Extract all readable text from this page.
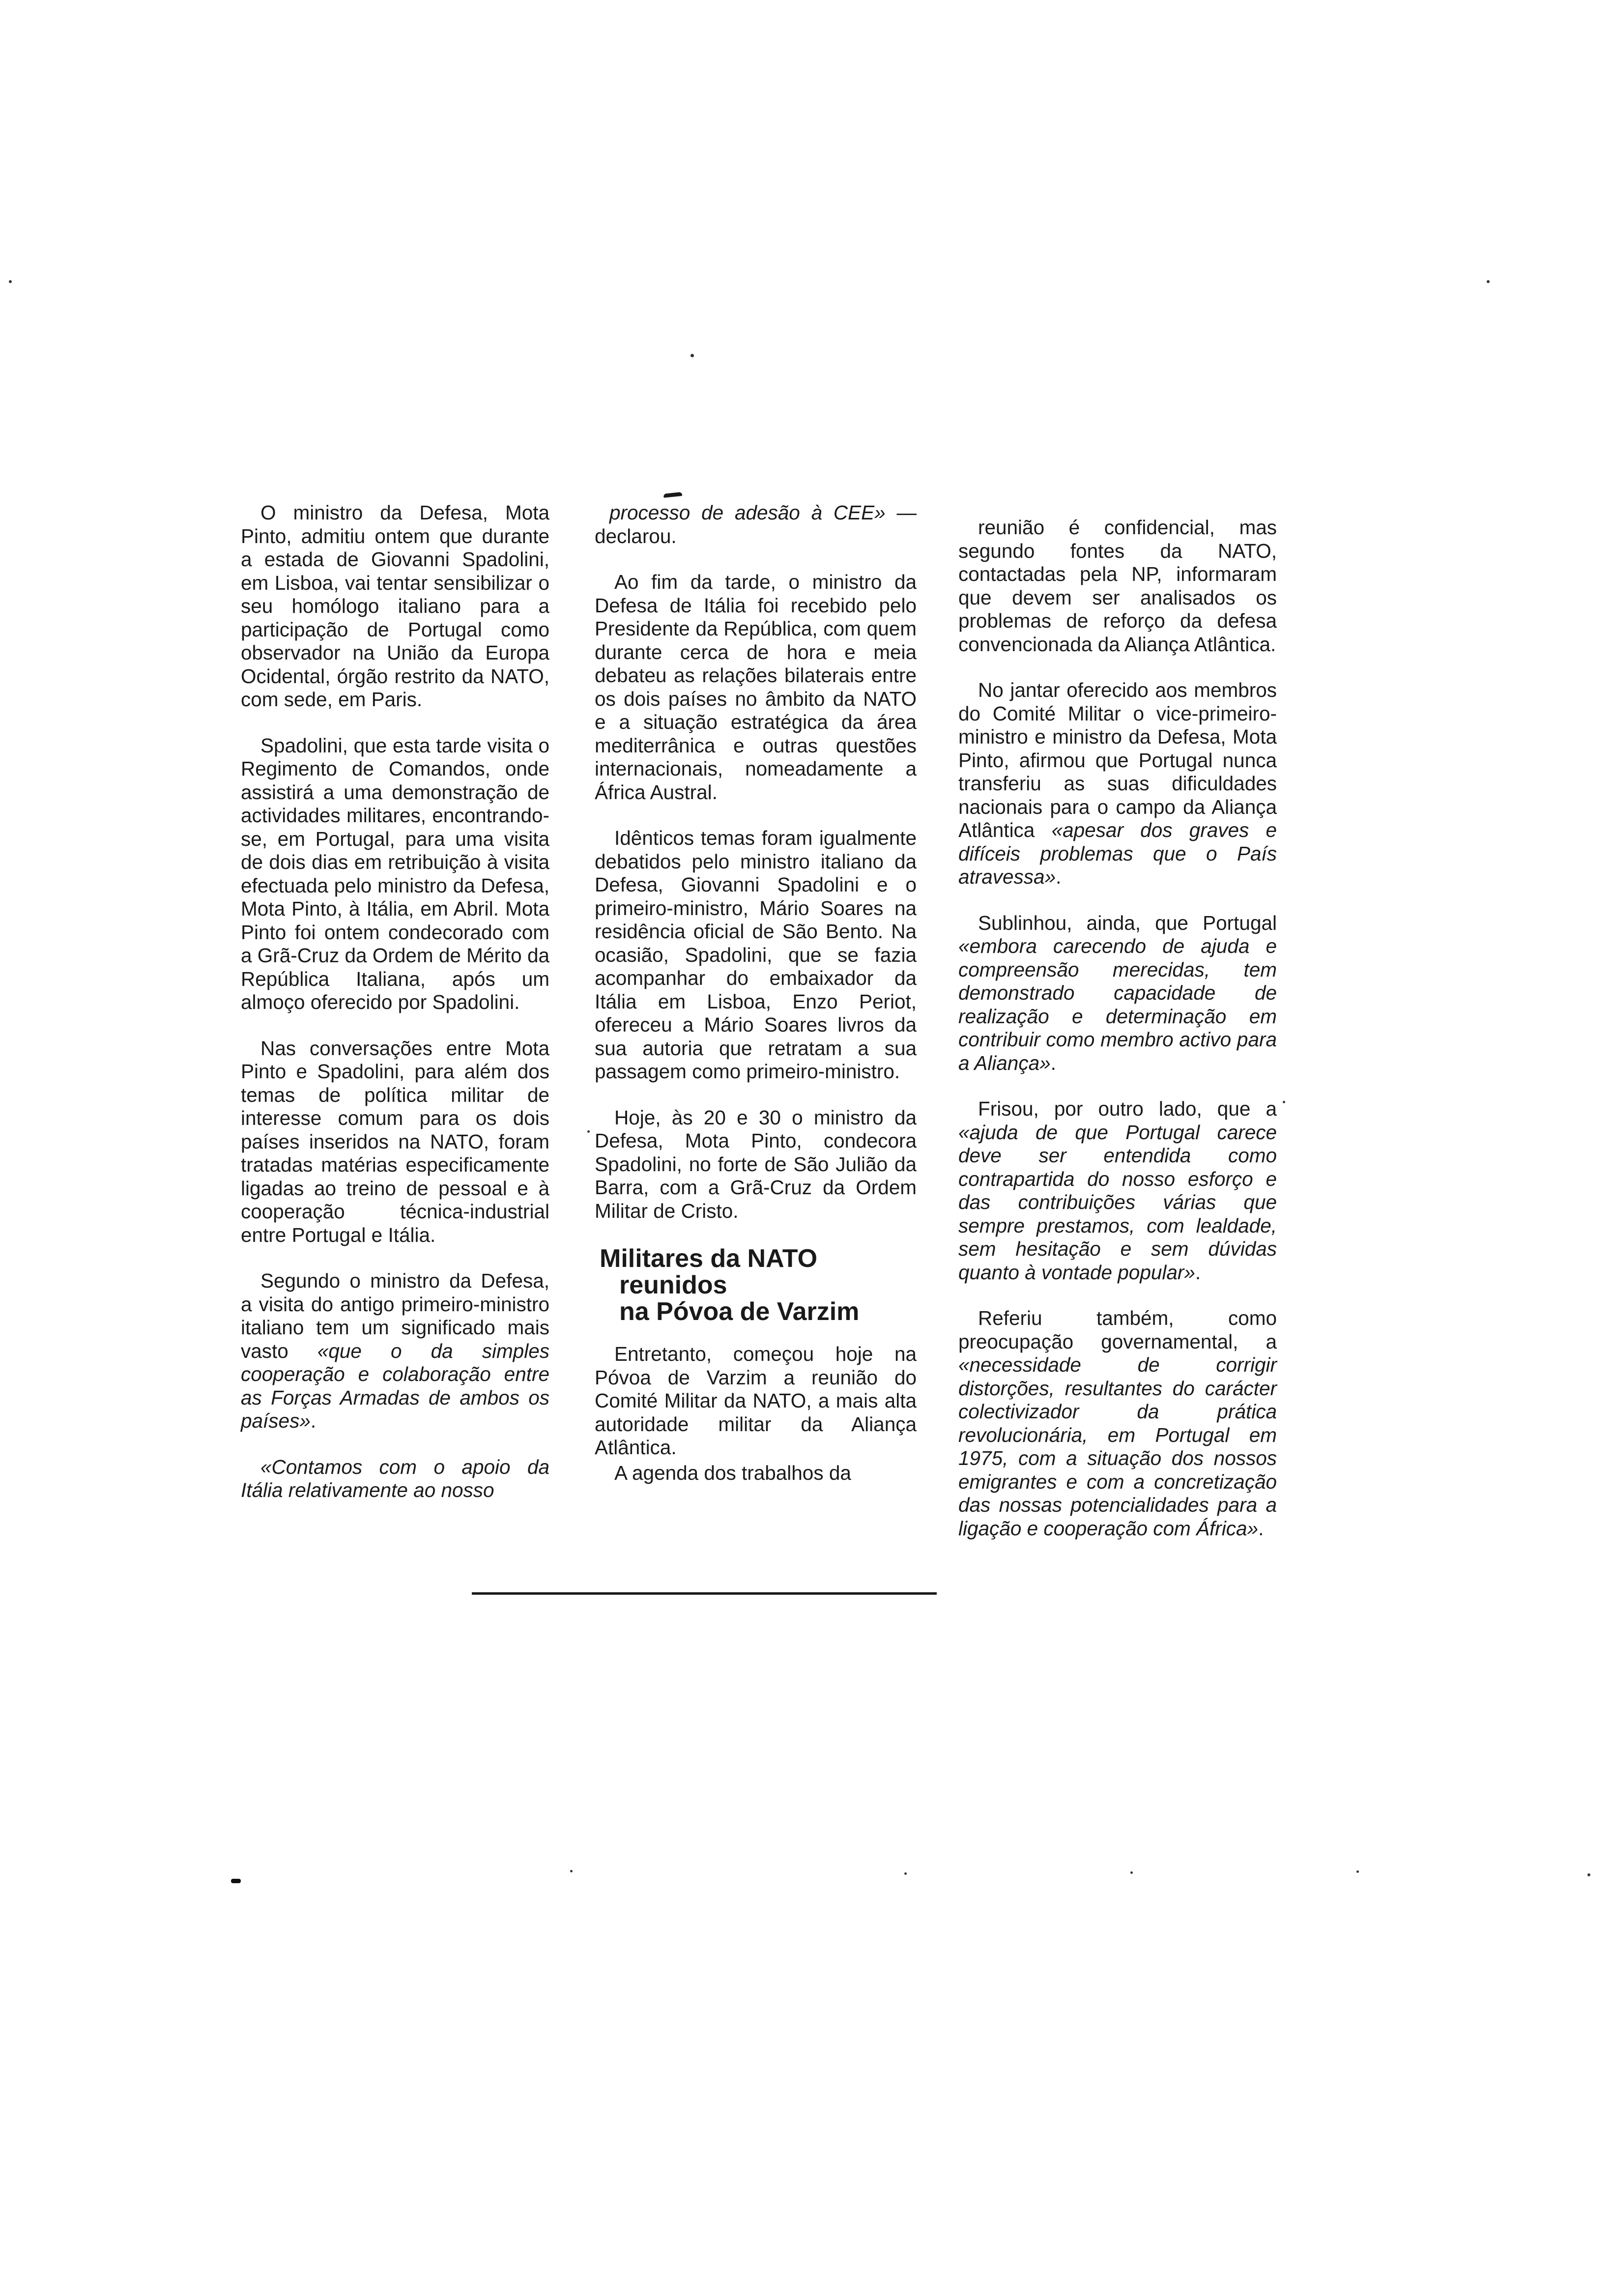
O ministro da Defesa, Mota Pinto, admitiu ontem que durante a estada de Giovanni Spadolini, em Lisboa, vai tentar sensibilizar o seu homólogo italiano para a participação de Portugal como observador na União da Europa Ocidental, órgão restrito da NATO, com sede, em Paris.

Spadolini, que esta tarde visita o Regimento de Comandos, onde assistirá a uma demonstração de actividades militares, encontrando-se, em Portugal, para uma visita de dois dias em retribuição à visita efectuada pelo ministro da Defesa, Mota Pinto, à Itália, em Abril. Mota Pinto foi ontem condecorado com a Grã-Cruz da Ordem de Mérito da República Italiana, após um almoço oferecido por Spadolini.

Nas conversações entre Mota Pinto e Spadolini, para além dos temas de política militar de interesse comum para os dois países inseridos na NATO, foram tratadas matérias especificamente ligadas ao treino de pessoal e à cooperação técnica-industrial entre Portugal e Itália.

Segundo o ministro da Defesa, a visita do antigo primeiro-ministro italiano tem um significado mais vasto «que o da simples cooperação e colaboração entre as Forças Armadas de ambos os países».

«Contamos com o apoio da Itália relativamente ao nosso

processo de adesão à CEE» — declarou.

Ao fim da tarde, o ministro da Defesa de Itália foi recebido pelo Presidente da República, com quem durante cerca de hora e meia debateu as relações bilaterais entre os dois países no âmbito da NATO e a situação estratégica da área mediterrânica e outras questões internacionais, nomeadamente a África Austral.

Idênticos temas foram igualmente debatidos pelo ministro italiano da Defesa, Giovanni Spadolini e o primeiro-ministro, Mário Soares na residência oficial de São Bento. Na ocasião, Spadolini, que se fazia acompanhar do embaixador da Itália em Lisboa, Enzo Periot, ofereceu a Mário Soares livros da sua autoria que retratam a sua passagem como primeiro-ministro.

Hoje, às 20 e 30 o ministro da Defesa, Mota Pinto, condecora Spadolini, no forte de São Julião da Barra, com a Grã-Cruz da Ordem Militar de Cristo.

Militares da NATO
reunidos
na Póvoa de Varzim

Entretanto, começou hoje na Póvoa de Varzim a reunião do Comité Militar da NATO, a mais alta autoridade militar da Aliança Atlântica.

A agenda dos trabalhos da

reunião é confidencial, mas segundo fontes da NATO, contactadas pela NP, informaram que devem ser analisados os problemas de reforço da defesa convencionada da Aliança Atlântica.

No jantar oferecido aos membros do Comité Militar o vice-primeiro-ministro e ministro da Defesa, Mota Pinto, afirmou que Portugal nunca transferiu as suas dificuldades nacionais para o campo da Aliança Atlântica «apesar dos graves e difíceis problemas que o País atravessa».

Sublinhou, ainda, que Portugal «embora carecendo de ajuda e compreensão merecidas, tem demonstrado capacidade de realização e determinação em contribuir como membro activo para a Aliança».

Frisou, por outro lado, que a «ajuda de que Portugal carece deve ser entendida como contrapartida do nosso esforço e das contribuições várias que sempre prestamos, com lealdade, sem hesitação e sem dúvidas quanto à vontade popular».

Referiu também, como preocupação governamental, a «necessidade de corrigir distorções, resultantes do carácter colectivizador da prática revolucionária, em Portugal em 1975, com a situação dos nossos emigrantes e com a concretização das nossas potencialidades para a ligação e cooperação com África».
